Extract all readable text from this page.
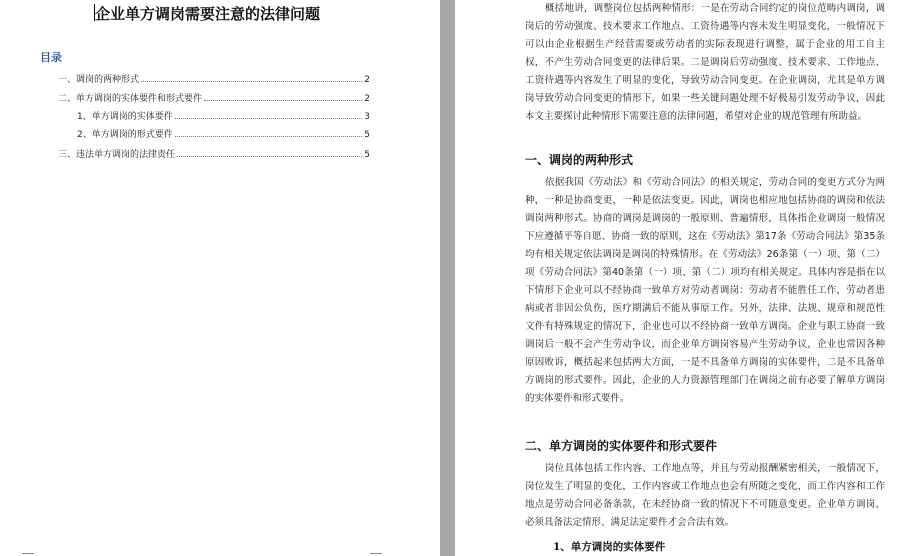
企业单方调岗需要注意的法律问题
目录
一、调岗的两种形式	2
二、单方调岗的实体要件和形式要件	2
1、单方调岗的实体要件	3
2、单方调岗的形式要件	5
三、违法单方调岗的法律责任	5

概括地讲，调整岗位包括两种情形：一是在劳动合同约定的岗位范畴内调岗，调岗后的劳动强度、技术要求工作地点、工资待遇等内容未发生明显变化，一般情况下可以由企业根据生产经营需要或劳动者的实际表现进行调整，属于企业的用工自主权，不产生劳动合同变更的法律后果。二是调岗后劳动强度、技术要求、工作地点、工资待遇等内容发生了明显的变化，导致劳动合同变更。在企业调岗，尤其是单方调岗导致劳动合同变更的情形下，如果一些关键问题处理不好极易引发劳动争议，因此本文主要探讨此种情形下需要注意的法律问题，希望对企业的规范管理有所助益。

一、调岗的两种形式

依据我国《劳动法》和《劳动合同法》的相关规定，劳动合同的变更方式分为两种，一种是协商变更，一种是依法变更。因此，调岗也相应地包括协商的调岗和依法调岗两种形式。协商的调岗是调岗的一般原则、普遍情形，具体指企业调岗一般情况下应遵循平等自愿、协商一致的原则，这在《劳动法》第17条《劳动合同法》第35条均有相关规定依法调岗是调岗的特殊情形。在《劳动法》26条第（一）项、第（二）项《劳动合同法》第40条第（一）项、第（二）项均有相关规定。具体内容是指在以下情形下企业可以不经协商一致单方对劳动者调岗：劳动者不能胜任工作，劳动者患病或者非因公负伤，医疗期满后不能从事原工作。另外，法律、法规、规章和规范性文件有特殊规定的情况下，企业也可以不经协商一致单方调岗。企业与职工协商一致调岗后一般不会产生劳动争议，而企业单方调岗容易产生劳动争议，企业也常因各种原因败诉，概括起来包括两大方面，一是不具备单方调岗的实体要件，二是不具备单方调岗的形式要件。因此，企业的人力资源管理部门在调岗之前有必要了解单方调岗的实体要件和形式要件。

二、单方调岗的实体要件和形式要件

岗位具体包括工作内容、工作地点等，并且与劳动报酬紧密相关，一般情况下，岗位发生了明显的变化，工作内容或工作地点也会有所随之变化，而工作内容和工作地点是劳动合同必备条款，在未经协商一致的情况下不可随意变更。企业单方调岗，必须具备法定情形、满足法定要件才会合法有效。

1、单方调岗的实体要件
